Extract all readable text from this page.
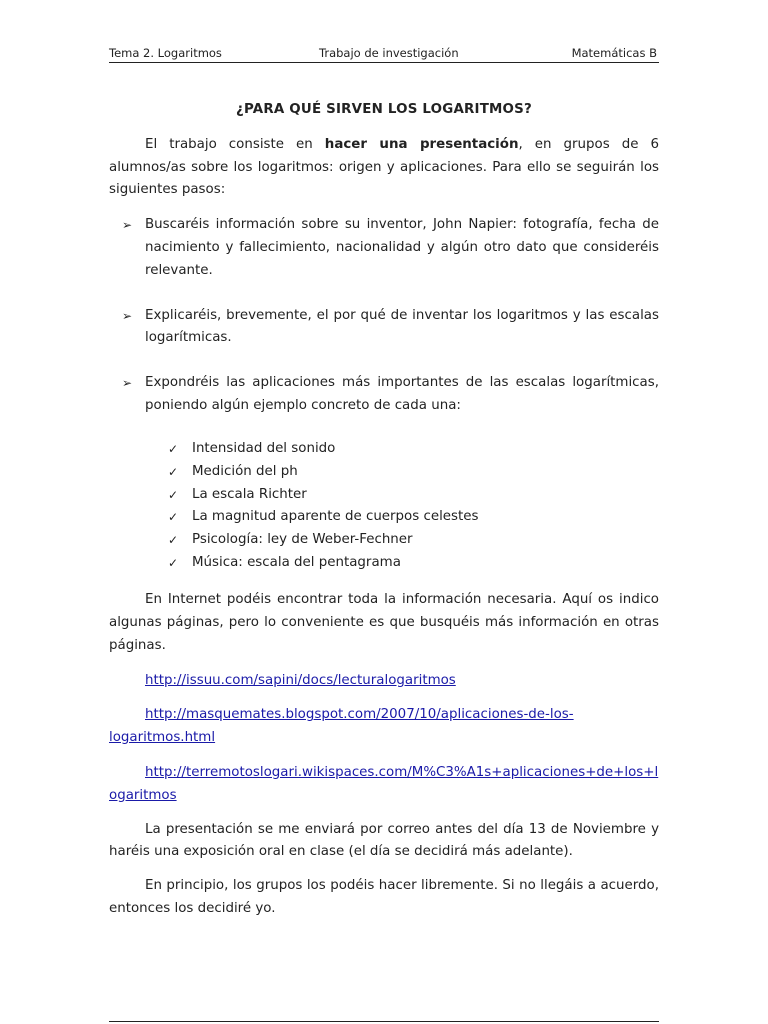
Tema 2. Logaritmos	Trabajo de investigación	Matemáticas B
¿PARA QUÉ SIRVEN LOS LOGARITMOS?

El trabajo consiste en hacer una presentación, en grupos de 6 alumnos/as sobre los logaritmos: origen y aplicaciones. Para ello se seguirán los siguientes pasos:

➢ Buscaréis información sobre su inventor, John Napier: fotografía, fecha de nacimiento y fallecimiento, nacionalidad y algún otro dato que consideréis relevante.
➢ Explicaréis, brevemente, el por qué de inventar los logaritmos y las escalas logarítmicas.
➢ Expondréis las aplicaciones más importantes de las escalas logarítmicas, poniendo algún ejemplo concreto de cada una:
✓ Intensidad del sonido
✓ Medición del ph
✓ La escala Richter
✓ La magnitud aparente de cuerpos celestes
✓ Psicología: ley de Weber-Fechner
✓ Música: escala del pentagrama

En Internet podéis encontrar toda la información necesaria. Aquí os indico algunas páginas, pero lo conveniente es que busquéis más información en otras páginas.

http://issuu.com/sapini/docs/lecturalogaritmos

http://masquemates.blogspot.com/2007/10/aplicaciones-de-los-logaritmos.html

http://terremotoslogari.wikispaces.com/M%C3%A1s+aplicaciones+de+los+logaritmos

La presentación se me enviará por correo antes del día 13 de Noviembre y haréis una exposición oral en clase (el día se decidirá más adelante).

En principio, los grupos los podéis hacer libremente. Si no llegáis a acuerdo, entonces los decidiré yo.
